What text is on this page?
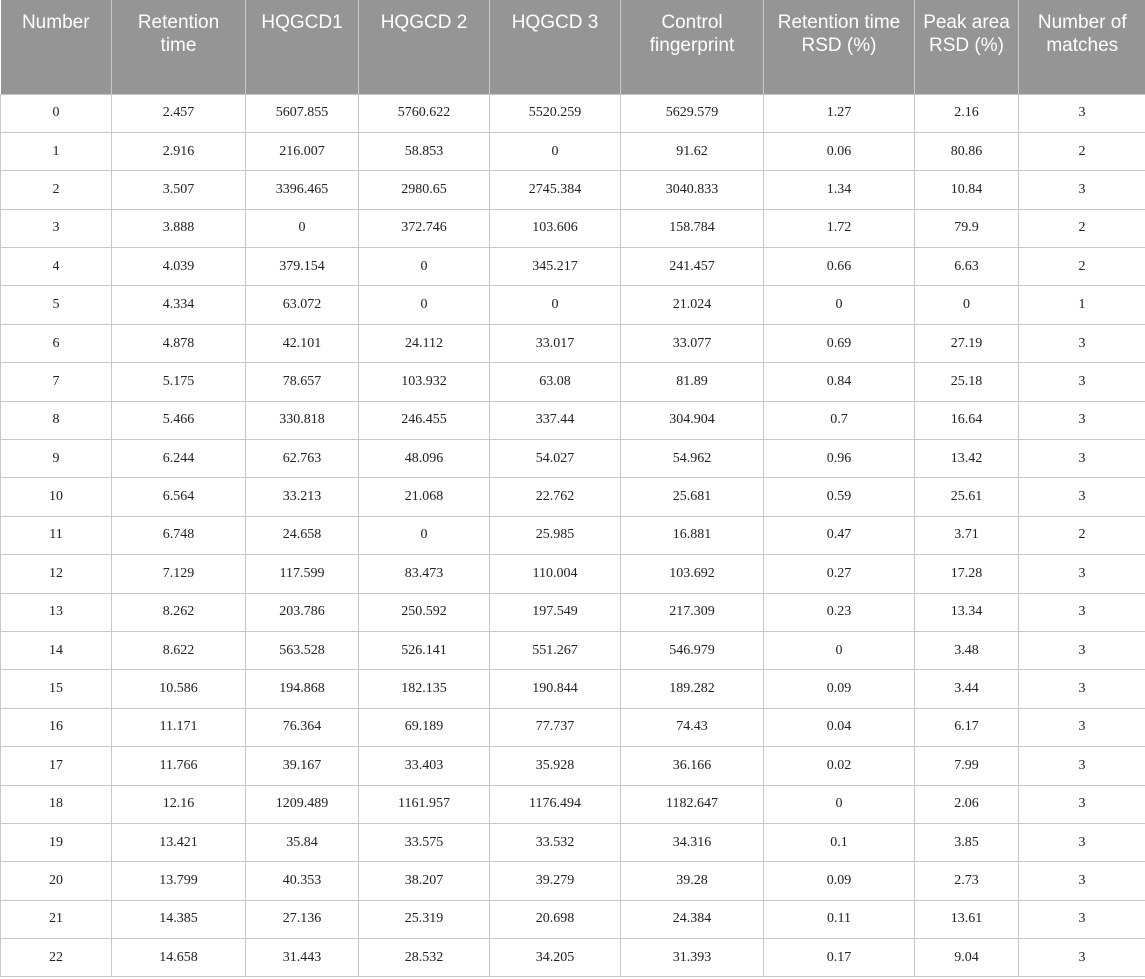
Number	Retention time	HQGCD1	HQGCD 2	HQGCD 3	Control fingerprint	Retention time RSD (%)	Peak area RSD (%)	Number of matches
0	2.457	5607.855	5760.622	5520.259	5629.579	1.27	2.16	3
1	2.916	216.007	58.853	0	91.62	0.06	80.86	2
2	3.507	3396.465	2980.65	2745.384	3040.833	1.34	10.84	3
3	3.888	0	372.746	103.606	158.784	1.72	79.9	2
4	4.039	379.154	0	345.217	241.457	0.66	6.63	2
5	4.334	63.072	0	0	21.024	0	0	1
6	4.878	42.101	24.112	33.017	33.077	0.69	27.19	3
7	5.175	78.657	103.932	63.08	81.89	0.84	25.18	3
8	5.466	330.818	246.455	337.44	304.904	0.7	16.64	3
9	6.244	62.763	48.096	54.027	54.962	0.96	13.42	3
10	6.564	33.213	21.068	22.762	25.681	0.59	25.61	3
11	6.748	24.658	0	25.985	16.881	0.47	3.71	2
12	7.129	117.599	83.473	110.004	103.692	0.27	17.28	3
13	8.262	203.786	250.592	197.549	217.309	0.23	13.34	3
14	8.622	563.528	526.141	551.267	546.979	0	3.48	3
15	10.586	194.868	182.135	190.844	189.282	0.09	3.44	3
16	11.171	76.364	69.189	77.737	74.43	0.04	6.17	3
17	11.766	39.167	33.403	35.928	36.166	0.02	7.99	3
18	12.16	1209.489	1161.957	1176.494	1182.647	0	2.06	3
19	13.421	35.84	33.575	33.532	34.316	0.1	3.85	3
20	13.799	40.353	38.207	39.279	39.28	0.09	2.73	3
21	14.385	27.136	25.319	20.698	24.384	0.11	13.61	3
22	14.658	31.443	28.532	34.205	31.393	0.17	9.04	3
